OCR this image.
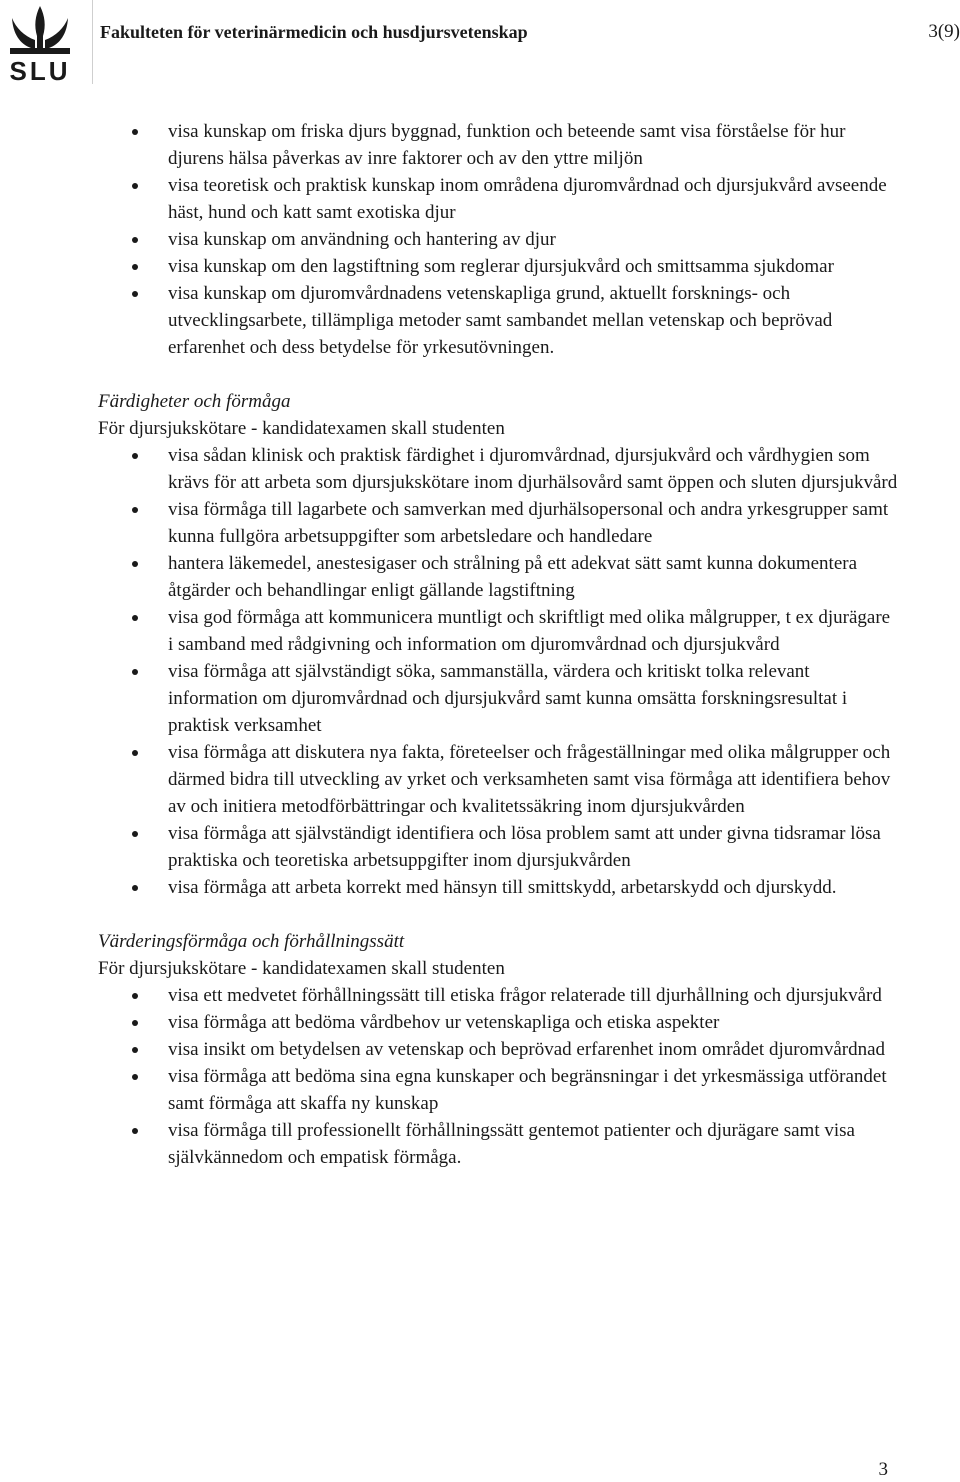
SLU
Fakulteten för veterinärmedicin och husdjursvetenskap	3(9)
visa kunskap om friska djurs byggnad, funktion och beteende samt visa förståelse för hur djurens hälsa påverkas av inre faktorer och av den yttre miljön
visa teoretisk och praktisk kunskap inom områdena djuromvårdnad och djursjukvård avseende häst, hund och katt samt exotiska djur
visa kunskap om användning och hantering av djur
visa kunskap om den lagstiftning som reglerar djursjukvård och smittsamma sjukdomar
visa kunskap om djuromvårdnadens vetenskapliga grund, aktuellt forsknings- och utvecklingsarbete, tillämpliga metoder samt sambandet mellan vetenskap och beprövad erfarenhet och dess betydelse för yrkesutövningen.

Färdigheter och förmåga

För djursjukskötare - kandidatexamen skall studenten

visa sådan klinisk och praktisk färdighet i djuromvårdnad, djursjukvård och vårdhygien som krävs för att arbeta som djursjukskötare inom djurhälsovård samt öppen och sluten djursjukvård
visa förmåga till lagarbete och samverkan med djurhälsopersonal och andra yrkesgrupper samt kunna fullgöra arbetsuppgifter som arbetsledare och handledare
hantera läkemedel, anestesigaser och strålning på ett adekvat sätt samt kunna dokumentera åtgärder och behandlingar enligt gällande lagstiftning
visa god förmåga att kommunicera muntligt och skriftligt med olika målgrupper, t ex djurägare i samband med rådgivning och information om djuromvårdnad och djursjukvård
visa förmåga att självständigt söka, sammanställa, värdera och kritiskt tolka relevant information om djuromvårdnad och djursjukvård samt kunna omsätta forskningsresultat i praktisk verksamhet
visa förmåga att diskutera nya fakta, företeelser och frågeställningar med olika målgrupper och därmed bidra till utveckling av yrket och verksamheten samt visa förmåga att identifiera behov av och initiera metodförbättringar och kvalitetssäkring inom djursjukvården
visa förmåga att självständigt identifiera och lösa problem samt att under givna tidsramar lösa praktiska och teoretiska arbetsuppgifter inom djursjukvården
visa förmåga att arbeta korrekt med hänsyn till smittskydd, arbetarskydd och djurskydd.

Värderingsförmåga och förhållningssätt

För djursjukskötare - kandidatexamen skall studenten

visa ett medvetet förhållningssätt till etiska frågor relaterade till djurhållning och djursjukvård
visa förmåga att bedöma vårdbehov ur vetenskapliga och etiska aspekter
visa insikt om betydelsen av vetenskap och beprövad erfarenhet inom området djuromvårdnad
visa förmåga att bedöma sina egna kunskaper och begränsningar i det yrkesmässiga utförandet samt förmåga att skaffa ny kunskap
visa förmåga till professionellt förhållningssätt gentemot patienter och djurägare samt visa självkännedom och empatisk förmåga.
3
